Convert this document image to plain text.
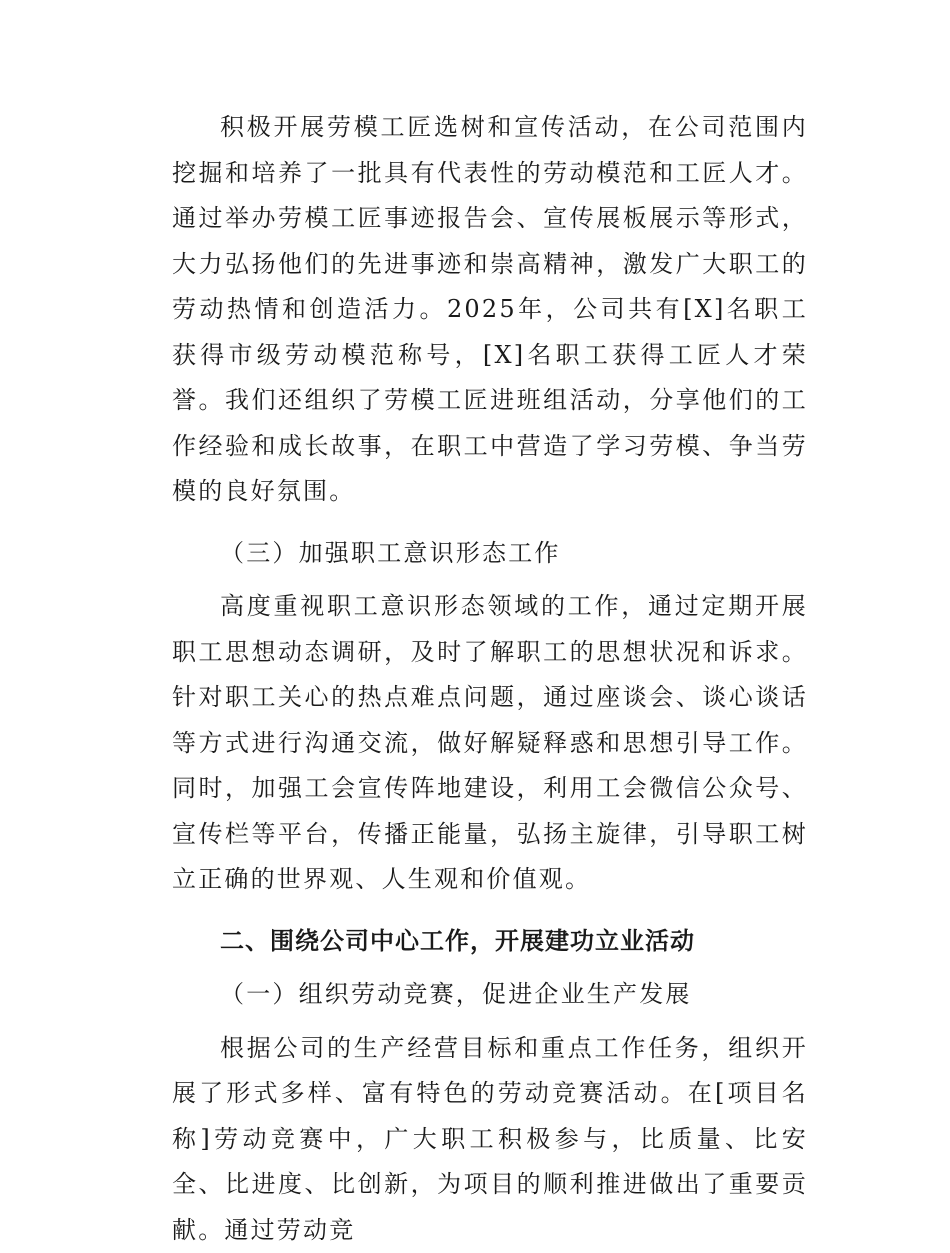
积极开展劳模工匠选树和宣传活动，在公司范围内挖掘和培养了一批具有代表性的劳动模范和工匠人才。通过举办劳模工匠事迹报告会、宣传展板展示等形式，大力弘扬他们的先进事迹和崇高精神，激发广大职工的劳动热情和创造活力。2025年，公司共有[X]名职工获得市级劳动模范称号，[X]名职工获得工匠人才荣誉。我们还组织了劳模工匠进班组活动，分享他们的工作经验和成长故事，在职工中营造了学习劳模、争当劳模的良好氛围。

（三）加强职工意识形态工作

高度重视职工意识形态领域的工作，通过定期开展职工思想动态调研，及时了解职工的思想状况和诉求。针对职工关心的热点难点问题，通过座谈会、谈心谈话等方式进行沟通交流，做好解疑释惑和思想引导工作。同时，加强工会宣传阵地建设，利用工会微信公众号、宣传栏等平台，传播正能量，弘扬主旋律，引导职工树立正确的世界观、人生观和价值观。

二、围绕公司中心工作，开展建功立业活动

（一）组织劳动竞赛，促进企业生产发展

根据公司的生产经营目标和重点工作任务，组织开展了形式多样、富有特色的劳动竞赛活动。在[项目名称]劳动竞赛中，广大职工积极参与，比质量、比安全、比进度、比创新，为项目的顺利推进做出了重要贡献。通过劳动竞
